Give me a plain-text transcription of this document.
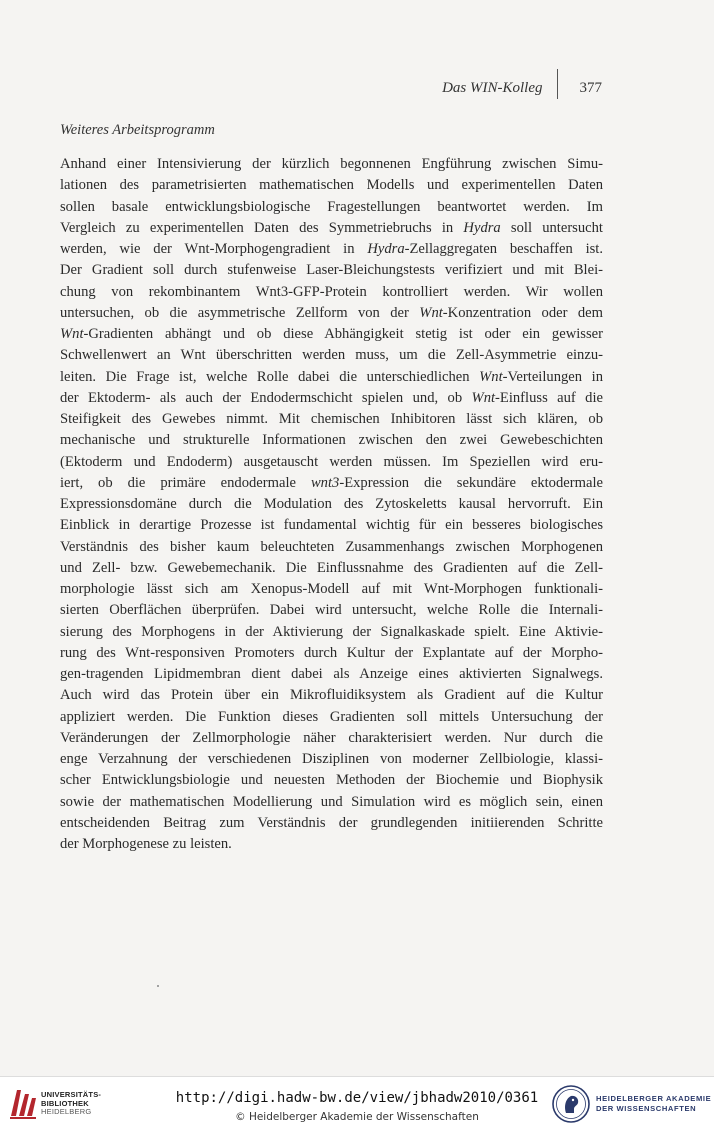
Das WIN-Kolleg 377
Weiteres Arbeitsprogramm
Anhand einer Intensivierung der kürzlich begonnenen Engführung zwischen Simu-
lationen des parametrisierten mathematischen Modells und experimentellen Daten
sollen basale entwicklungsbiologische Fragestellungen beantwortet werden. Im
Vergleich zu experimentellen Daten des Symmetriebruchs in Hydra soll untersucht
werden, wie der Wnt-Morphogengradient in Hydra-Zellaggregaten beschaffen ist.
Der Gradient soll durch stufenweise Laser-Bleichungstests verifiziert und mit Blei-
chung von rekombinantem Wnt3-GFP-Protein kontrolliert werden. Wir wollen
untersuchen, ob die asymmetrische Zellform von der Wnt-Konzentration oder dem
Wnt-Gradienten abhängt und ob diese Abhängigkeit stetig ist oder ein gewisser
Schwellenwert an Wnt überschritten werden muss, um die Zell-Asymmetrie einzu-
leiten. Die Frage ist, welche Rolle dabei die unterschiedlichen Wnt-Verteilungen in
der Ektoderm- als auch der Endodermschicht spielen und, ob Wnt-Einfluss auf die
Steifigkeit des Gewebes nimmt. Mit chemischen Inhibitoren lässt sich klären, ob
mechanische und strukturelle Informationen zwischen den zwei Gewebeschichten
(Ektoderm und Endoderm) ausgetauscht werden müssen. Im Speziellen wird eru-
iert, ob die primäre endodermale wnt3-Expression die sekundäre ektodermale
Expressionsdomäne durch die Modulation des Zytoskeletts kausal hervorruft. Ein
Einblick in derartige Prozesse ist fundamental wichtig für ein besseres biologisches
Verständnis des bisher kaum beleuchteten Zusammenhangs zwischen Morphogenen
und Zell- bzw. Gewebemechanik. Die Einflussnahme des Gradienten auf die Zell-
morphologie lässt sich am Xenopus-Modell auf mit Wnt-Morphogen funktionali-
sierten Oberflächen überprüfen. Dabei wird untersucht, welche Rolle die Internali-
sierung des Morphogens in der Aktivierung der Signalkaskade spielt. Eine Aktivie-
rung des Wnt-responsiven Promoters durch Kultur der Explantate auf der Morpho-
gen-tragenden Lipidmembran dient dabei als Anzeige eines aktivierten Signalwegs.
Auch wird das Protein über ein Mikrofluidiksystem als Gradient auf die Kultur
appliziert werden. Die Funktion dieses Gradienten soll mittels Untersuchung der
Veränderungen der Zellmorphologie näher charakterisiert werden. Nur durch die
enge Verzahnung der verschiedenen Disziplinen von moderner Zellbiologie, klassi-
scher Entwicklungsbiologie und neuesten Methoden der Biochemie und Biophysik
sowie der mathematischen Modellierung und Simulation wird es möglich sein, einen
entscheidenden Beitrag zum Verständnis der grundlegenden initiierenden Schritte
der Morphogenese zu leisten.
UNIVERSITÄTS-
BIBLIOTHEK
HEIDELBERG
http://digi.hadw-bw.de/view/jbhadw2010/0361
© Heidelberger Akademie der Wissenschaften
HEIDELBERGER AKADEMIE
DER WISSENSCHAFTEN
